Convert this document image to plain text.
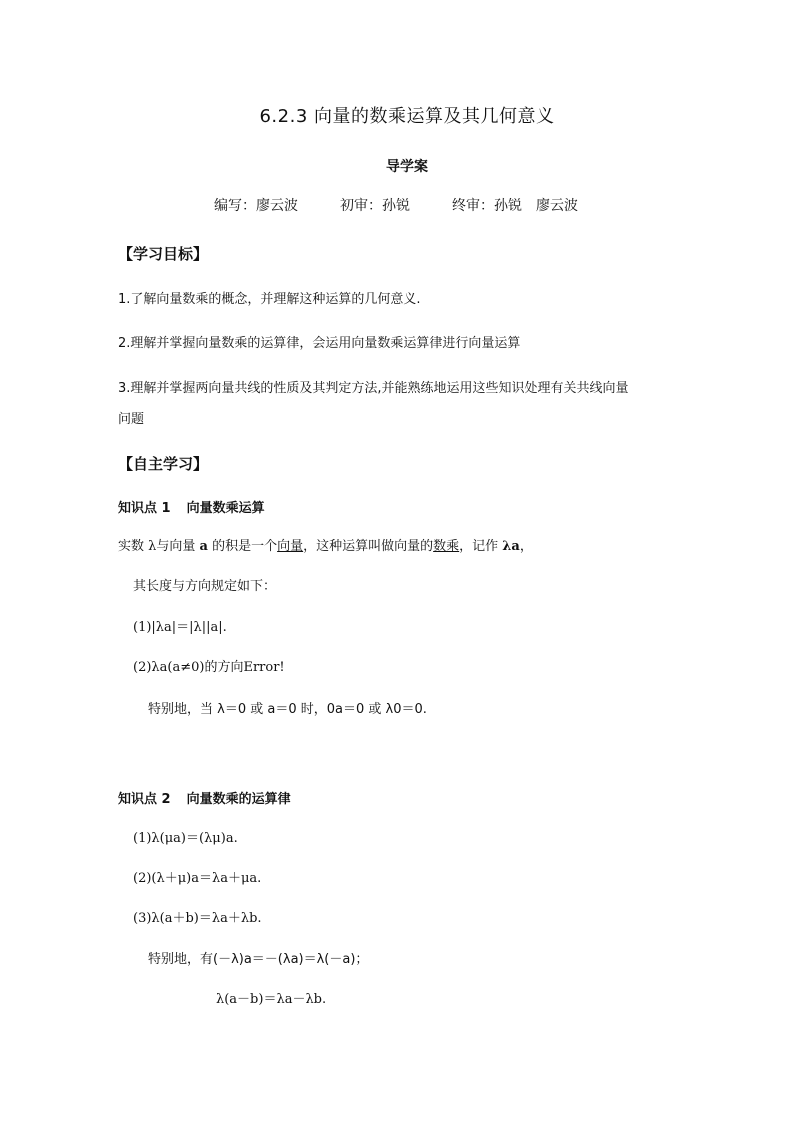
6.2.3 向量的数乘运算及其几何意义
导学案
编写：廖云波	初审：孙锐	终审：孙锐　廖云波
【学习目标】
1.了解向量数乘的概念，并理解这种运算的几何意义.
2.理解并掌握向量数乘的运算律，会运用向量数乘运算律进行向量运算
3.理解并掌握两向量共线的性质及其判定方法,并能熟练地运用这些知识处理有关共线向量
问题
【自主学习】
知识点 1 向量数乘运算
实数 λ与向量 a 的积是一个向量，这种运算叫做向量的数乘，记作 λa，
其长度与方向规定如下：
(1)|λa|＝|λ||a|.
(2)λa(a≠0)的方向Error!
特别地，当 λ＝0 或 a＝0 时，0a＝0 或 λ0＝0.
知识点 2 向量数乘的运算律
(1)λ(μa)＝(λμ)a.
(2)(λ＋μ)a＝λa＋μa.
(3)λ(a＋b)＝λa＋λb.
特别地，有(－λ)a＝－(λa)＝λ(－a)；
λ(a－b)＝λa－λb.
